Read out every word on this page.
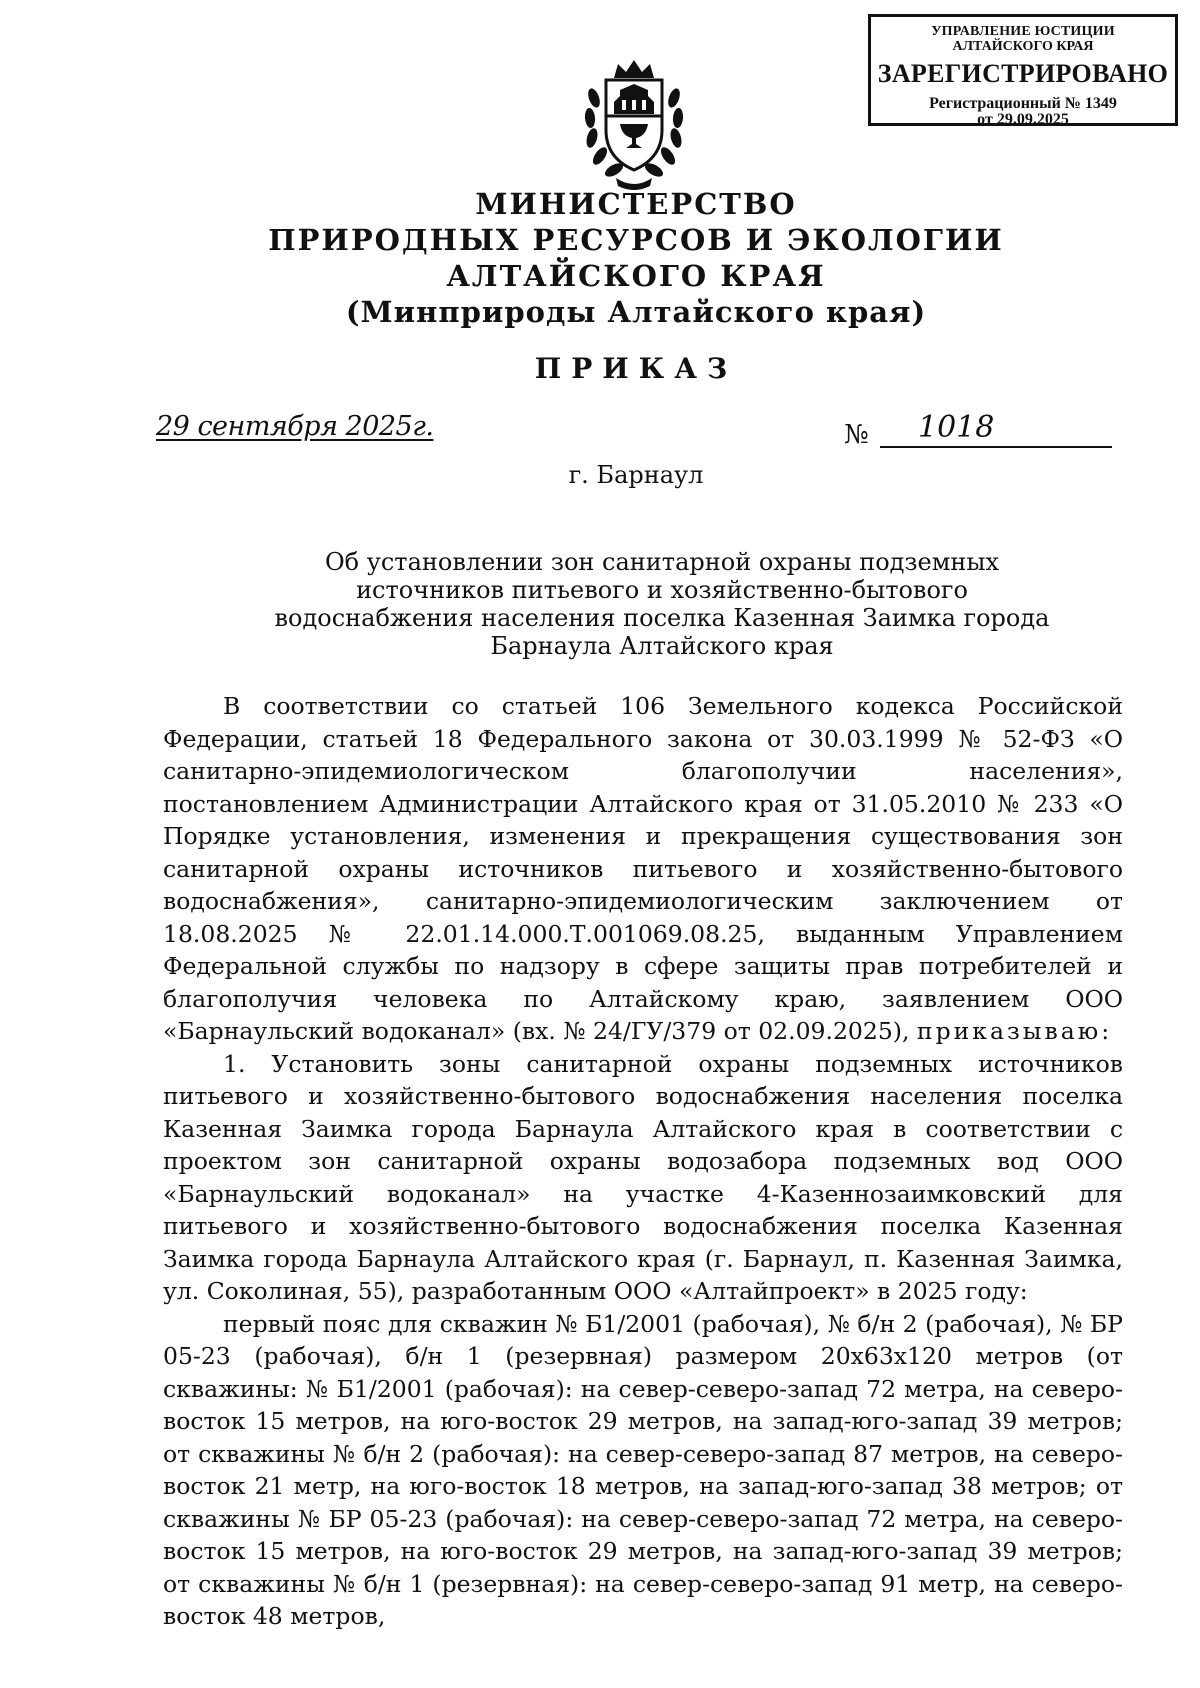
УПРАВЛЕНИЕ ЮСТИЦИИ
АЛТАЙСКОГО КРАЯ
ЗАРЕГИСТРИРОВАНО
Регистрационный № 1349
от 29.09.2025
МИНИСТЕРСТВО
ПРИРОДНЫХ РЕСУРСОВ И ЭКОЛОГИИ
АЛТАЙСКОГО КРАЯ
(Минприроды Алтайского края)
ПРИКАЗ
29 сентября 2025г.	№ 1018
г. Барнаул
Об установлении зон санитарной охраны подземных источников питьевого и хозяйственно-бытового водоснабжения населения поселка Казенная Заимка города Барнаула Алтайского края

В соответствии со статьей 106 Земельного кодекса Российской Федерации, статьей 18 Федерального закона от 30.03.1999 № 52-ФЗ «О санитарно-эпидемиологическом благополучии населения», постановлением Администрации Алтайского края от 31.05.2010 № 233 «О Порядке установления, изменения и прекращения существования зон санитарной охраны источников питьевого и хозяйственно-бытового водоснабжения», санитарно-эпидемиологическим заключением от 18.08.2025 № 22.01.14.000.Т.001069.08.25, выданным Управлением Федеральной службы по надзору в сфере защиты прав потребителей и благополучия человека по Алтайскому краю, заявлением ООО «Барнаульский водоканал» (вх. № 24/ГУ/379 от 02.09.2025), приказываю:

1. Установить зоны санитарной охраны подземных источников питьевого и хозяйственно-бытового водоснабжения населения поселка Казенная Заимка города Барнаула Алтайского края в соответствии с проектом зон санитарной охраны водозабора подземных вод ООО «Барнаульский водоканал» на участке 4-Казеннозаимковский для питьевого и хозяйственно-бытового водоснабжения поселка Казенная Заимка города Барнаула Алтайского края (г. Барнаул, п. Казенная Заимка, ул. Соколиная, 55), разработанным ООО «Алтайпроект» в 2025 году:

первый пояс для скважин № Б1/2001 (рабочая), № б/н 2 (рабочая), № БР 05-23 (рабочая), б/н 1 (резервная) размером 20х63х120 метров (от скважины: № Б1/2001 (рабочая): на север-северо-запад 72 метра, на северо-восток 15 метров, на юго-восток 29 метров, на запад-юго-запад 39 метров; от скважины № б/н 2 (рабочая): на север-северо-запад 87 метров, на северо-восток 21 метр, на юго-восток 18 метров, на запад-юго-запад 38 метров; от скважины № БР 05-23 (рабочая): на север-северо-запад 72 метра, на северо-восток 15 метров, на юго-восток 29 метров, на запад-юго-запад 39 метров; от скважины № б/н 1 (резервная): на север-северо-запад 91 метр, на северо-восток 48 метров,
